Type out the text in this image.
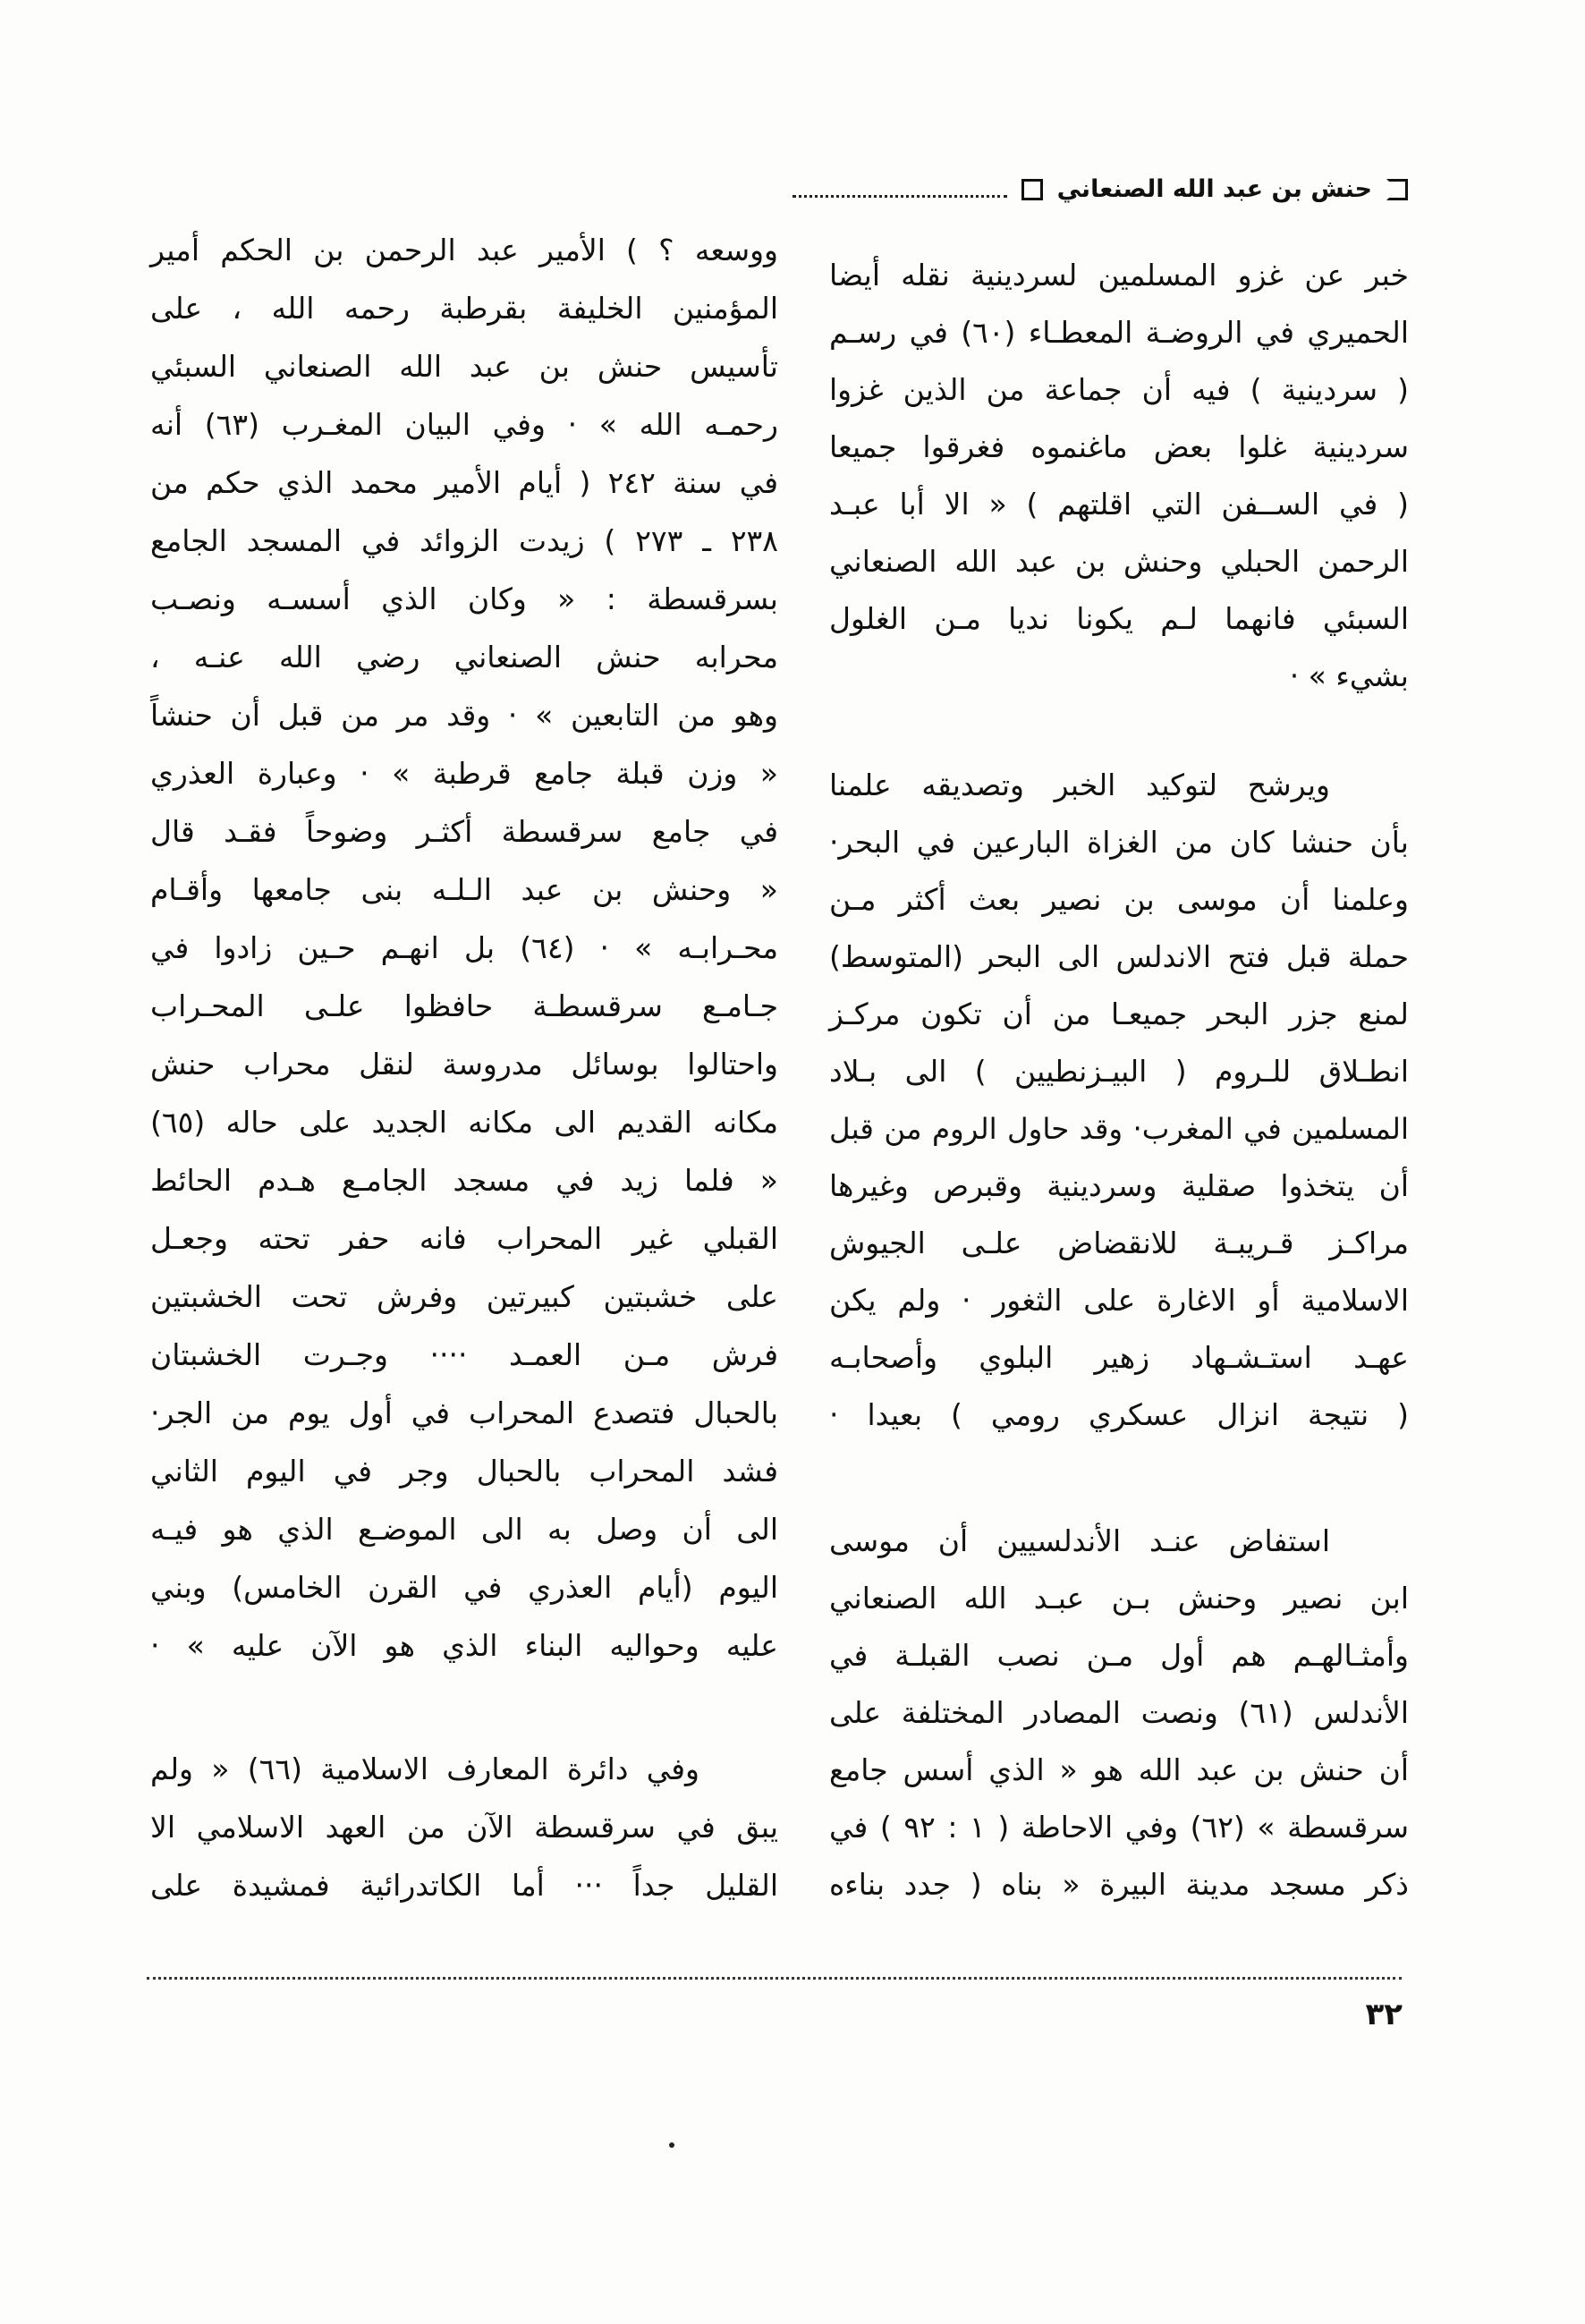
حنش بن عبد الله الصنعاني
خبر عن غزو المسلمين لسردينية نقله أيضا
الحميري في الروضـة المعطـاء (٦٠) في رسـم
( سردينية ) فيه أن جماعة من الذين غزوا
سردينية غلوا بعض ماغنموه فغرقوا جميعا
( في الســفن التي اقلتهم ) « الا أبا عبـد
الرحمن الحبلي وحنش بن عبد الله الصنعاني
السبئي فانهما لـم يكونا نديا مـن الغلول
بشيء » ·
ويرشح لتوكيد الخبر وتصديقه علمنا
بأن حنشا كان من الغزاة البارعين في البحر·
وعلمنا أن موسى بن نصير بعث أكثر مـن
حملة قبل فتح الاندلس الى البحر (المتوسط)
لمنع جزر البحر جميعـا من أن تكون مركـز
انطـلاق للـروم ( البيـزنطيين ) الى بـلاد
المسلمين في المغرب· وقد حاول الروم من قبل
أن يتخذوا صقلية وسردينية وقبرص وغيرها
مراكـز قـريبـة للانقضاض علـى الجيوش
الاسلامية أو الاغارة على الثغور · ولم يكن
عهـد استـشـهاد زهير البلوي وأصحابـه
( نتيجة انزال عسكري رومي ) بعيدا ·
استفاض عنـد الأندلسيين أن موسى
ابن نصير وحنش بـن عبـد الله الصنعاني
وأمثـالهـم هم أول مـن نصب القبلـة في
الأندلس (٦١) ونصت المصادر المختلفة على
أن حنش بن عبد الله هو « الذي أسس جامع
سرقسطة » (٦٢) وفي الاحاطة ( ١ : ٩٢ ) في
ذكر مسجد مدينة البيرة « بناه ( جدد بناءه
ووسعه ؟ ) الأمير عبد الرحمن بن الحكم أمير
المؤمنين الخليفة بقرطبة رحمه الله ، على
تأسيس حنش بن عبد الله الصنعاني السبئي
رحمـه الله » · وفي البيان المغـرب (٦٣) أنه
في سنة ٢٤٢ ( أيام الأمير محمد الذي حكم من
٢٣٨ ـ ٢٧٣ ) زيدت الزوائد في المسجد الجامع
بسرقسطة : « وكان الذي أسسـه ونصـب
محرابه حنش الصنعاني رضي الله عنـه ،
وهو من التابعين » · وقد مر من قبل أن حنشاً
« وزن قبلة جامع قرطبة » · وعبارة العذري
في جامع سرقسطة أكثـر وضوحاً فقـد قال
« وحنش بن عبد الـلـه بنى جامعها وأقـام
محـرابـه » · (٦٤) بل انهـم حـين زادوا في
جـامـع سرقسطـة حافظوا علـى المحـراب
واحتالوا بوسائل مدروسة لنقل محراب حنش
مكانه القديم الى مكانه الجديد على حاله (٦٥)
« فلما زيد في مسجد الجامـع هـدم الحائط
القبلي غير المحراب فانه حفر تحته وجعـل
على خشبتين كبيرتين وفرش تحت الخشبتين
فرش مـن العمـد ···· وجـرت الخشبتان
بالحبال فتصدع المحراب في أول يوم من الجر·
فشد المحراب بالحبال وجر في اليوم الثاني
الى أن وصل به الى الموضـع الذي هو فيـه
اليوم (أيام العذري في القرن الخامس) وبني
عليه وحواليه البناء الذي هو الآن عليه » ·
وفي دائرة المعارف الاسلامية (٦٦) « ولم
يبق في سرقسطة الآن من العهد الاسلامي الا
القليل جداً ··· أما الكاتدرائية فمشيدة على
٣٢
